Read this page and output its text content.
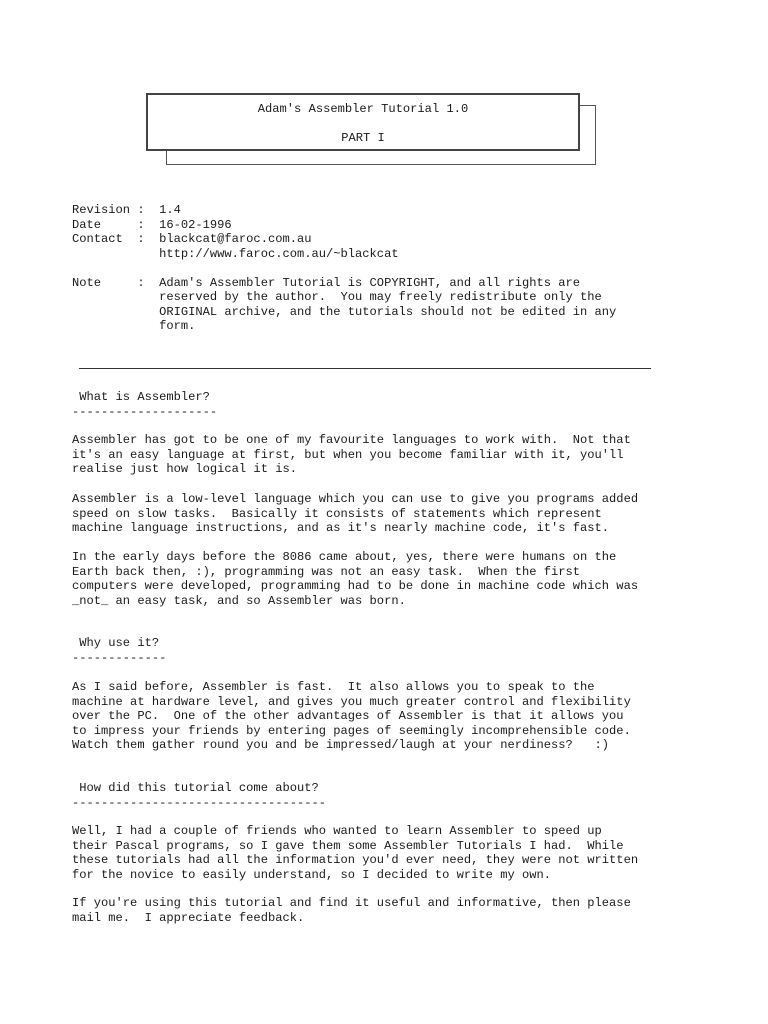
Adam's Assembler Tutorial 1.0
PART I
Revision :  1.4
Date     :  16-02-1996
Contact  :  blackcat@faroc.com.au
http://www.faroc.com.au/~blackcat

Note     :  Adam's Assembler Tutorial is COPYRIGHT, and all rights are
reserved by the author.  You may freely redistribute only the
ORIGINAL archive, and the tutorials should not be edited in any
form.
What is Assembler?
--------------------
Assembler has got to be one of my favourite languages to work with.  Not that
it's an easy language at first, but when you become familiar with it, you'll
realise just how logical it is.
Assembler is a low-level language which you can use to give you programs added
speed on slow tasks.  Basically it consists of statements which represent
machine language instructions, and as it's nearly machine code, it's fast.
In the early days before the 8086 came about, yes, there were humans on the
Earth back then, :), programming was not an easy task.  When the first
computers were developed, programming had to be done in machine code which was
_not_ an easy task, and so Assembler was born.
Why use it?
-------------
As I said before, Assembler is fast.  It also allows you to speak to the
machine at hardware level, and gives you much greater control and flexibility
over the PC.  One of the other advantages of Assembler is that it allows you
to impress your friends by entering pages of seemingly incomprehensible code.
Watch them gather round you and be impressed/laugh at your nerdiness?   :)
How did this tutorial come about?
-----------------------------------
Well, I had a couple of friends who wanted to learn Assembler to speed up
their Pascal programs, so I gave them some Assembler Tutorials I had.  While
these tutorials had all the information you'd ever need, they were not written
for the novice to easily understand, so I decided to write my own.
If you're using this tutorial and find it useful and informative, then please
mail me.  I appreciate feedback.
